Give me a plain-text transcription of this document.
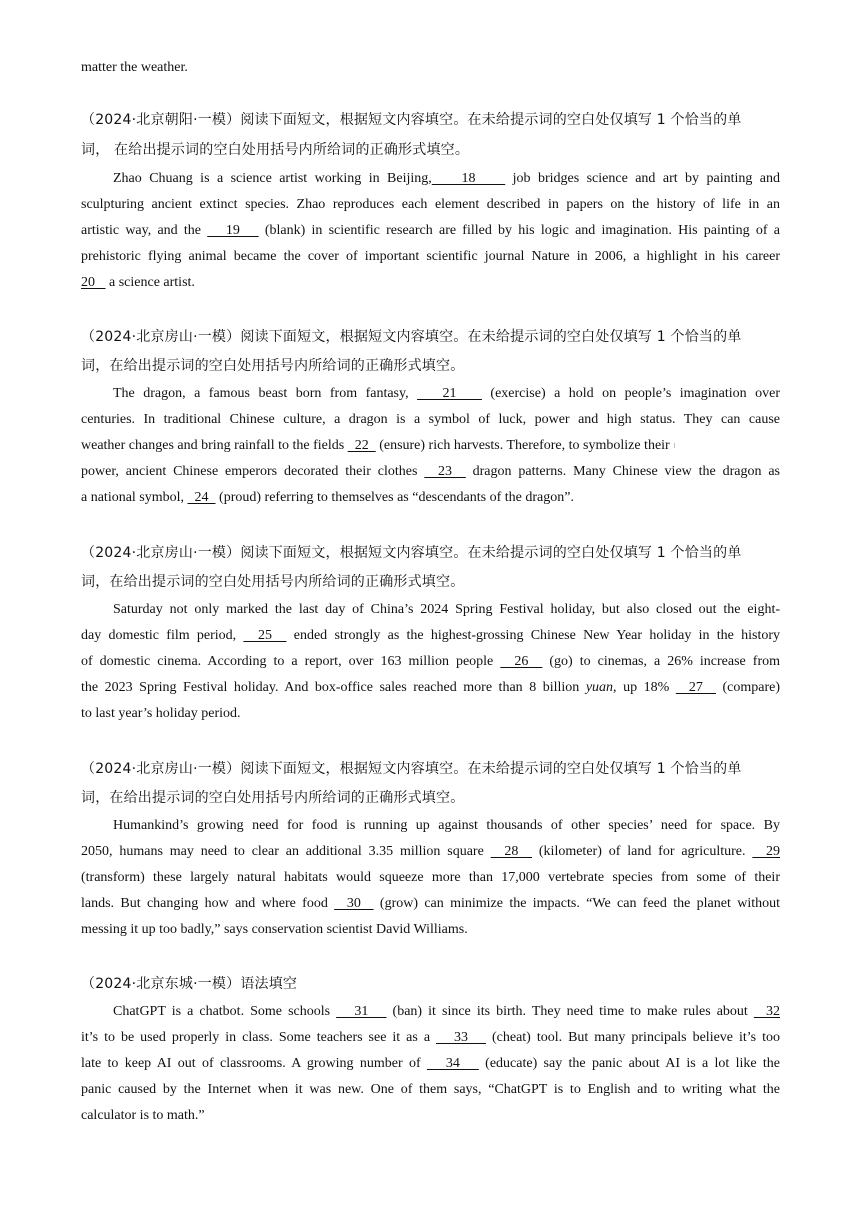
matter the weather.
（2024·北京朝阳·一模）阅读下面短文，根据短文内容填空。在未给提示词的空白处仅填写 1 个恰当的单
词， 在给出提示词的空白处用括号内所给词的正确形式填空。
Zhao Chuang is a science artist working in Beijing,    18     job bridges science and art by painting and
sculpturing ancient extinct species. Zhao reproduces each element described in papers on the history of life in an
artistic way, and the    19    (blank) in scientific research are filled by his logic and imagination. His painting of a
prehistoric flying animal became the cover of important scientific journal Nature in 2006, a highlight in his career
20    a science artist.
（2024·北京房山·一模）阅读下面短文，根据短文内容填空。在未给提示词的空白处仅填写 1 个恰当的单
词，在给出提示词的空白处用括号内所给词的正确形式填空。
The dragon, a famous beast born from fantasy,    21    (exercise) a hold on people’s imagination over
centuries. In traditional Chinese culture, a dragon is a symbol of luck, power and high status. They can cause
weather changes and bring rainfall to the fields   22   (ensure) rich harvests. Therefore, to symbolize their
power, ancient Chinese emperors decorated their clothes   23   dragon patterns. Many Chinese view the dragon as
a national symbol,   24   (proud) referring to themselves as “descendants of the dragon”.
（2024·北京房山·一模）阅读下面短文，根据短文内容填空。在未给提示词的空白处仅填写 1 个恰当的单
词，在给出提示词的空白处用括号内所给词的正确形式填空。
Saturday not only marked the last day of China’s 2024 Spring Festival holiday, but also closed out the eight-
day domestic film period,   25   ended strongly as the highest-grossing Chinese New Year holiday in the history
of domestic cinema. According to a report, over 163 million people   26   (go) to cinemas, a 26% increase from
the 2023 Spring Festival holiday. And box-office sales reached more than 8 billion yuan, up 18%   27   (compare)
to last year’s holiday period.
（2024·北京房山·一模）阅读下面短文，根据短文内容填空。在未给提示词的空白处仅填写 1 个恰当的单
词，在给出提示词的空白处用括号内所给词的正确形式填空。
Humankind’s growing need for food is running up against thousands of other species’ need for space. By
2050, humans may need to clear an additional 3.35 million square   28   (kilometer) of land for agriculture.   29
(transform) these largely natural habitats would squeeze more than 17,000 vertebrate species from some of their
lands. But changing how and where food   30   (grow) can minimize the impacts. “We can feed the planet without
messing it up too badly,” says conservation scientist David Williams.
（2024·北京东城·一模）语法填空
ChatGPT is a chatbot. Some schools    31    (ban) it since its birth. They need time to make rules about   32
it’s to be used properly in class. Some teachers see it as a    33    (cheat) tool. But many principals believe it’s too
late to keep AI out of classrooms. A growing number of    34    (educate) say the panic about AI is a lot like the
panic caused by the Internet when it was new. One of them says, “ChatGPT is to English and to writing what the
calculator is to math.”
